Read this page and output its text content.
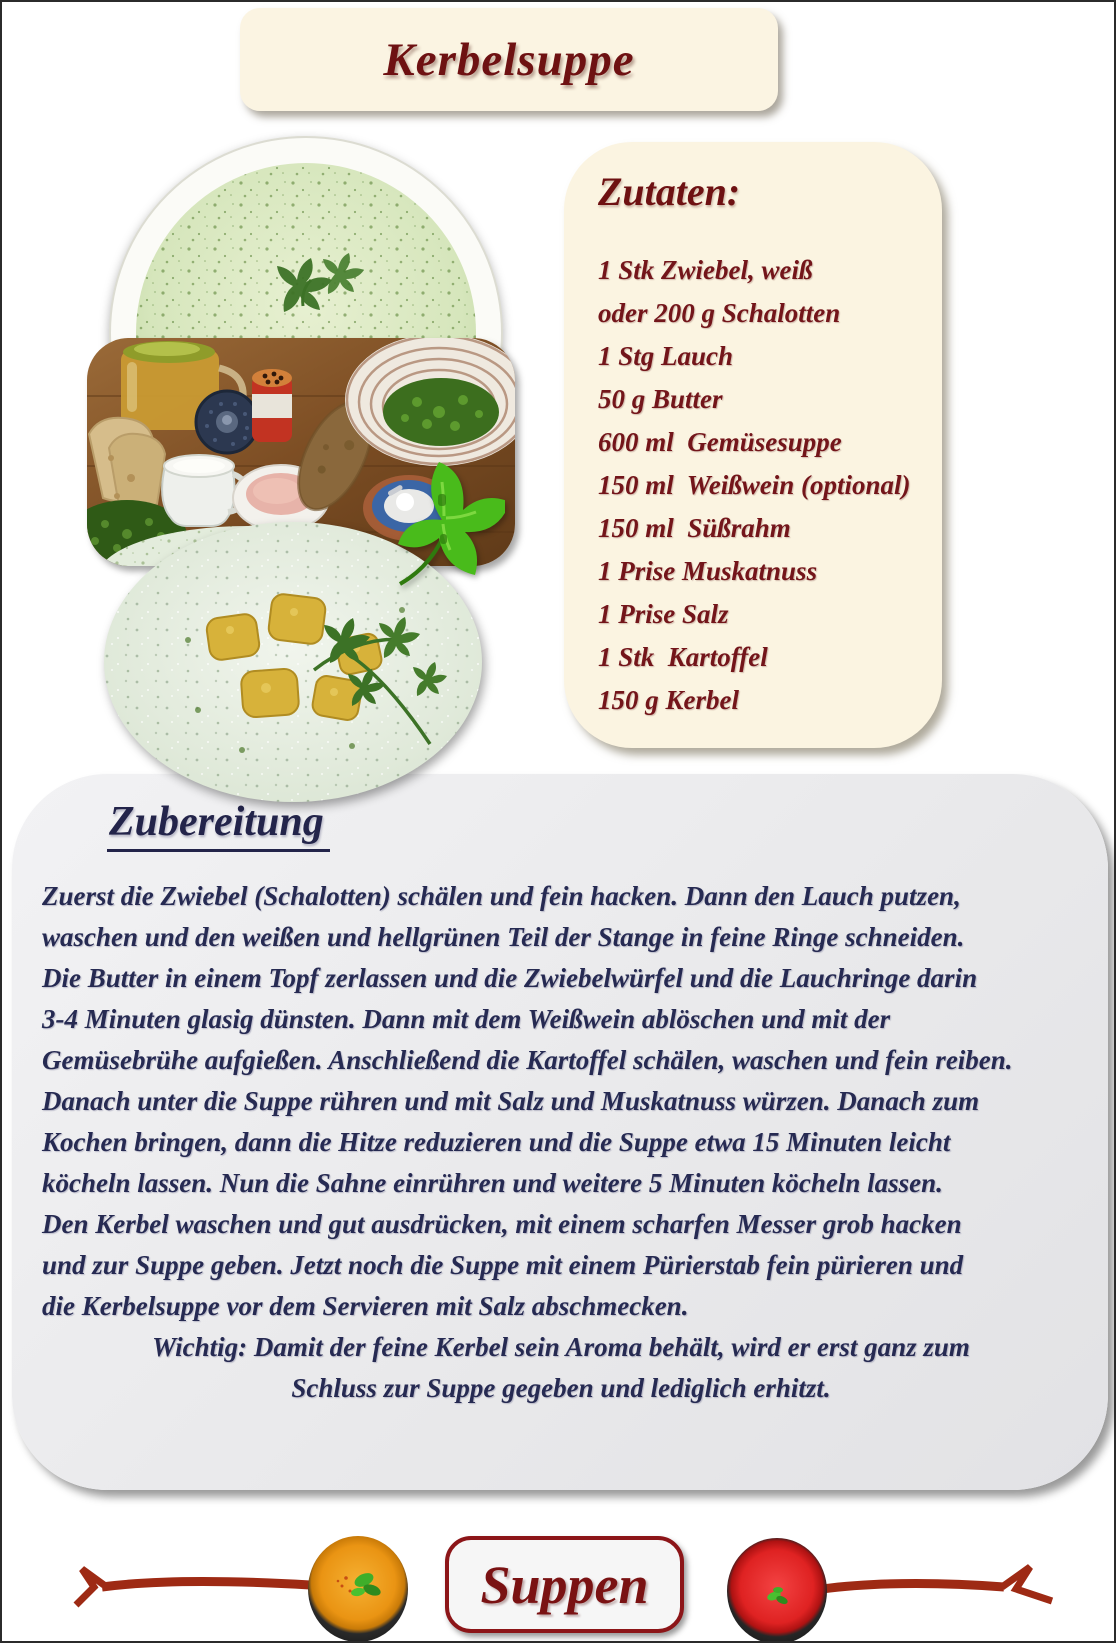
Kerbelsuppe
Zubereitung
Zuerst die Zwiebel (Schalotten) schälen und fein hacken. Dann den Lauch putzen,
waschen und den weißen und hellgrünen Teil der Stange in feine Ringe schneiden.
Die Butter in einem Topf zerlassen und die Zwiebelwürfel und die Lauchringe darin
3-4 Minuten glasig dünsten. Dann mit dem Weißwein ablöschen und mit der
Gemüsebrühe aufgießen. Anschließend die Kartoffel schälen, waschen und fein reiben.
Danach unter die Suppe rühren und mit Salz und Muskatnuss würzen. Danach zum
Kochen bringen, dann die Hitze reduzieren und die Suppe etwa 15 Minuten leicht
köcheln lassen. Nun die Sahne einrühren und weitere 5 Minuten köcheln lassen.
Den Kerbel waschen und gut ausdrücken, mit einem scharfen Messer grob hacken
und zur Suppe geben. Jetzt noch die Suppe mit einem Pürierstab fein pürieren und
die Kerbelsuppe vor dem Servieren mit Salz abschmecken.
Wichtig: Damit der feine Kerbel sein Aroma behält, wird er erst ganz zum
Schluss zur Suppe gegeben und lediglich erhitzt.
Zutaten:
1 Stk Zwiebel, weiß
oder 200 g Schalotten
1 Stg Lauch
50 g Butter
600 ml  Gemüsesuppe
150 ml  Weißwein (optional)
150 ml  Süßrahm
1 Prise Muskatnuss
1 Prise Salz
1 Stk  Kartoffel
150 g Kerbel
Suppen
